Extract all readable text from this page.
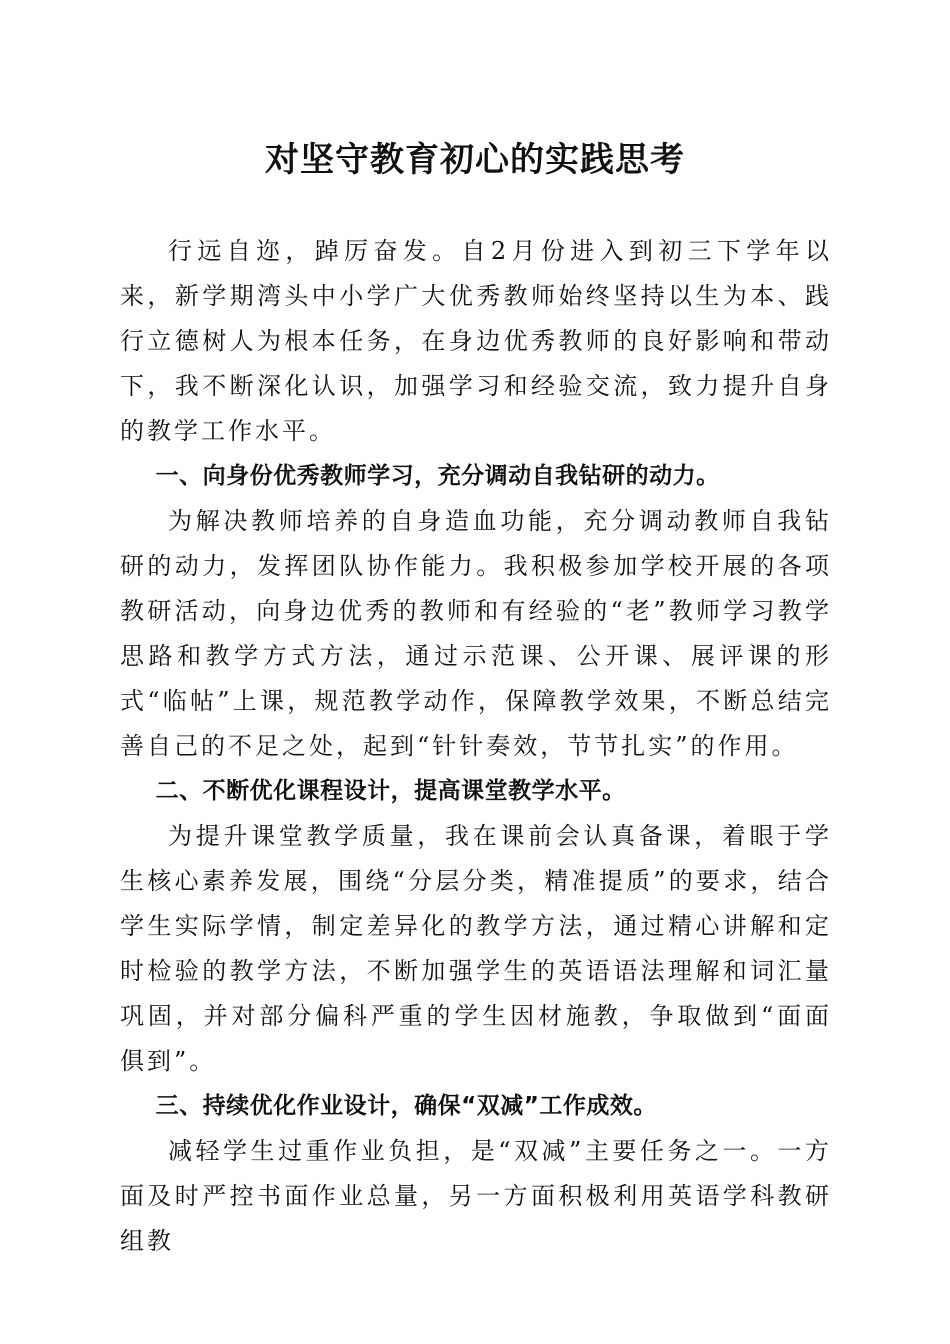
对坚守教育初心的实践思考

行远自迩，踔厉奋发。自2月份进入到初三下学年以来，新学期湾头中小学广大优秀教师始终坚持以生为本、践行立德树人为根本任务，在身边优秀教师的良好影响和带动下，我不断深化认识，加强学习和经验交流，致力提升自身的教学工作水平。

一、向身份优秀教师学习，充分调动自我钻研的动力。

为解决教师培养的自身造血功能，充分调动教师自我钻研的动力，发挥团队协作能力。我积极参加学校开展的各项教研活动，向身边优秀的教师和有经验的“老”教师学习教学思路和教学方式方法，通过示范课、公开课、展评课的形式“临帖”上课，规范教学动作，保障教学效果，不断总结完善自己的不足之处，起到“针针奏效，节节扎实”的作用。

二、不断优化课程设计，提高课堂教学水平。

为提升课堂教学质量，我在课前会认真备课，着眼于学生核心素养发展，围绕“分层分类，精准提质”的要求，结合学生实际学情，制定差异化的教学方法，通过精心讲解和定时检验的教学方法，不断加强学生的英语语法理解和词汇量巩固，并对部分偏科严重的学生因材施教，争取做到“面面俱到”。

三、持续优化作业设计，确保“双减”工作成效。

减轻学生过重作业负担，是“双减”主要任务之一。一方面及时严控书面作业总量，另一方面积极利用英语学科教研组教
